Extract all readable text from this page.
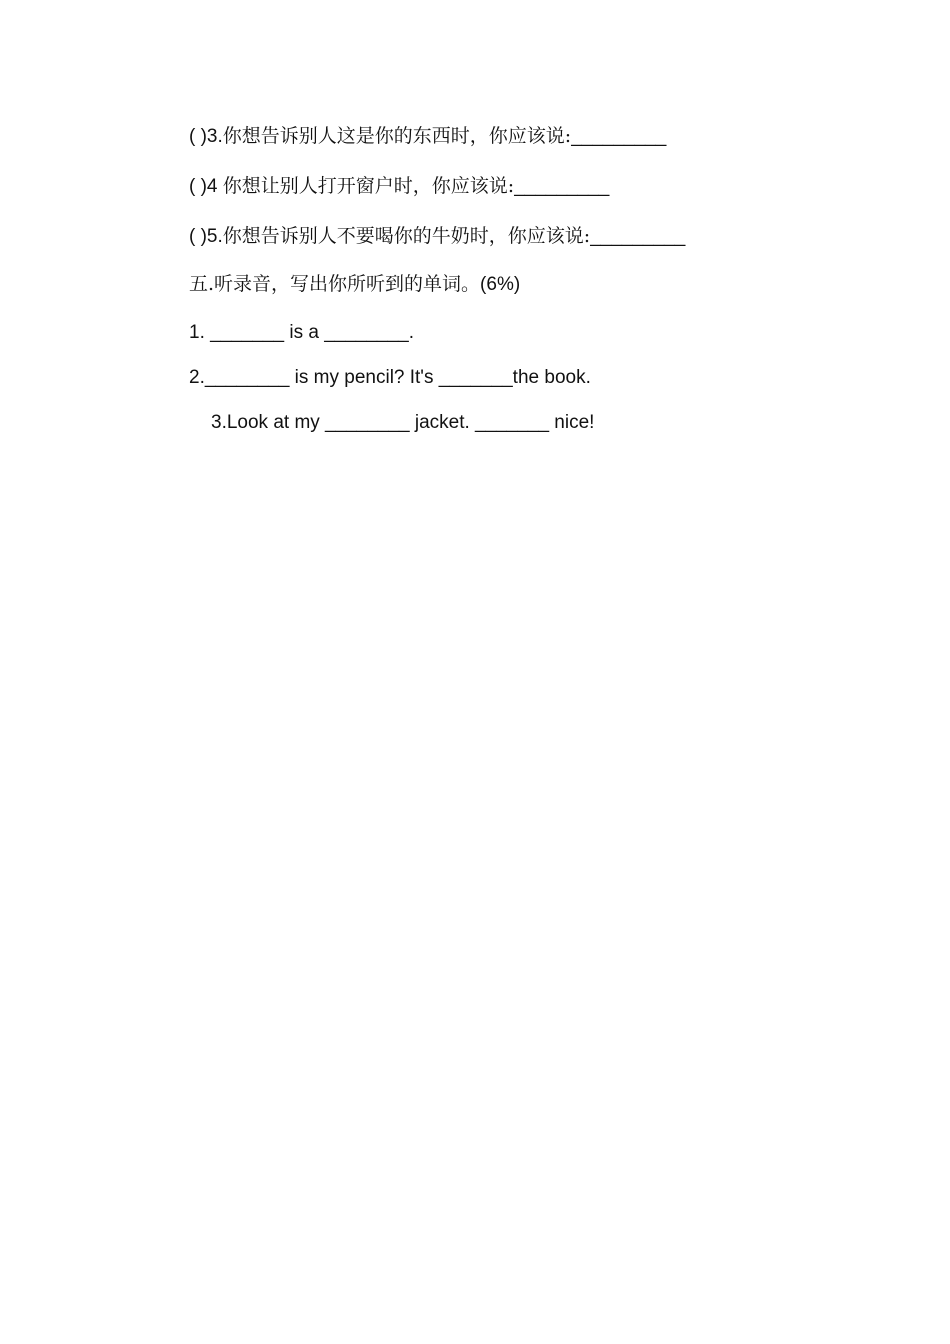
( )3.你想告诉别人这是你的东西时，你应该说:_________
( )4 你想让别人打开窗户时，你应该说:_________
( )5.你想告诉别人不要喝你的牛奶时，你应该说:_________
五.听录音，写出你所听到的单词。(6%)
1. _______ is a ________.
2.________ is my pencil? It's _______the book.
3.Look at my ________ jacket. _______ nice!
